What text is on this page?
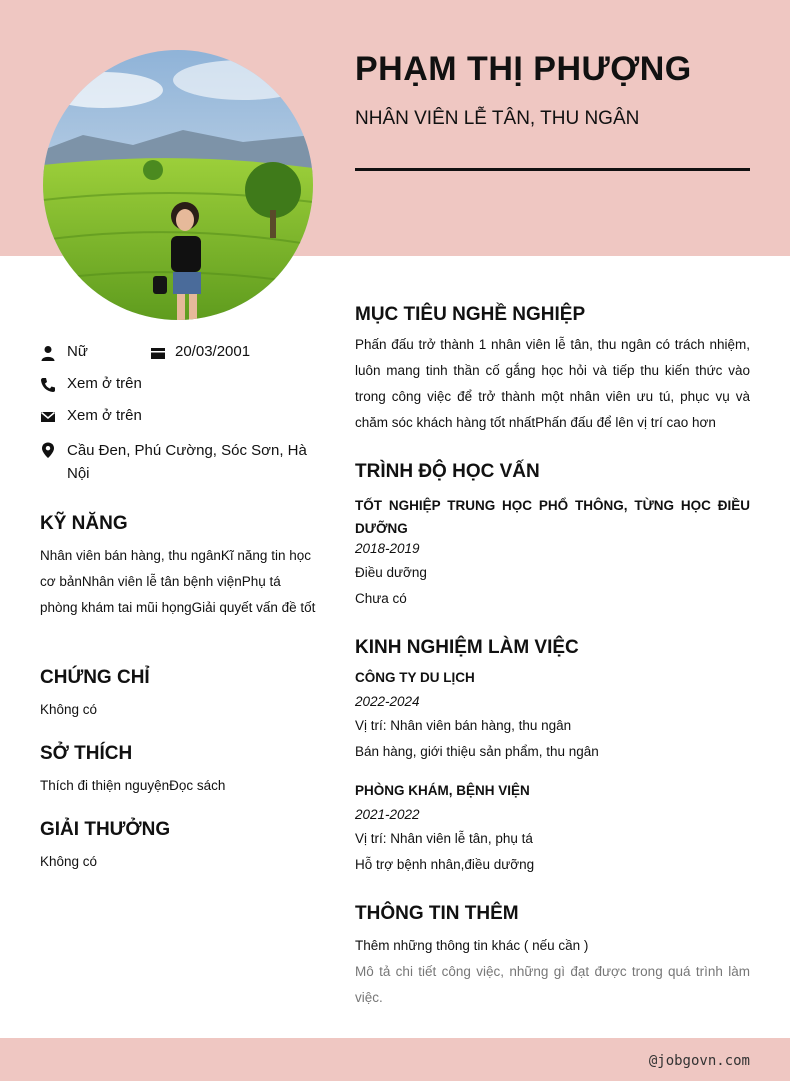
PHẠM THỊ PHƯỢNG
NHÂN VIÊN LỄ TÂN, THU NGÂN
Nữ	20/03/2001
Xem ở trên
Xem ở trên
Cầu Đen, Phú Cường, Sóc Sơn, Hà Nội
KỸ NĂNG
Nhân viên bán hàng, thu ngânKĩ năng tin học cơ bảnNhân viên lễ tân bệnh việnPhụ tá phòng khám tai mũi họngGiải quyết vấn đề tốt
CHỨNG CHỈ
Không có
SỞ THÍCH
Thích đi thiện nguyệnĐọc sách
GIẢI THƯỞNG
Không có
MỤC TIÊU NGHỀ NGHIỆP
Phấn đấu trở thành 1 nhân viên lễ tân, thu ngân có trách nhiệm, luôn mang tinh thần cố gắng học hỏi và tiếp thu kiến thức vào trong công việc để trở thành một nhân viên ưu tú, phục vụ và chăm sóc khách hàng tốt nhấtPhấn đấu để lên vị trí cao hơn
TRÌNH ĐỘ HỌC VẤN
TỐT NGHIỆP TRUNG HỌC PHỔ THÔNG, TỪNG HỌC ĐIỀU DƯỠNG
2018-2019
Điều dưỡng
Chưa có
KINH NGHIỆM LÀM VIỆC
CÔNG TY DU LỊCH
2022-2024
Vị trí: Nhân viên bán hàng, thu ngân
Bán hàng, giới thiệu sản phẩm, thu ngân
PHÒNG KHÁM, BỆNH VIỆN
2021-2022
Vị trí: Nhân viên lễ tân, phụ tá
Hỗ trợ bệnh nhân,điều dưỡng
THÔNG TIN THÊM
Thêm những thông tin khác ( nếu cần )
Mô tả chi tiết công việc, những gì đạt được trong quá trình làm việc.
@jobgovn.com
